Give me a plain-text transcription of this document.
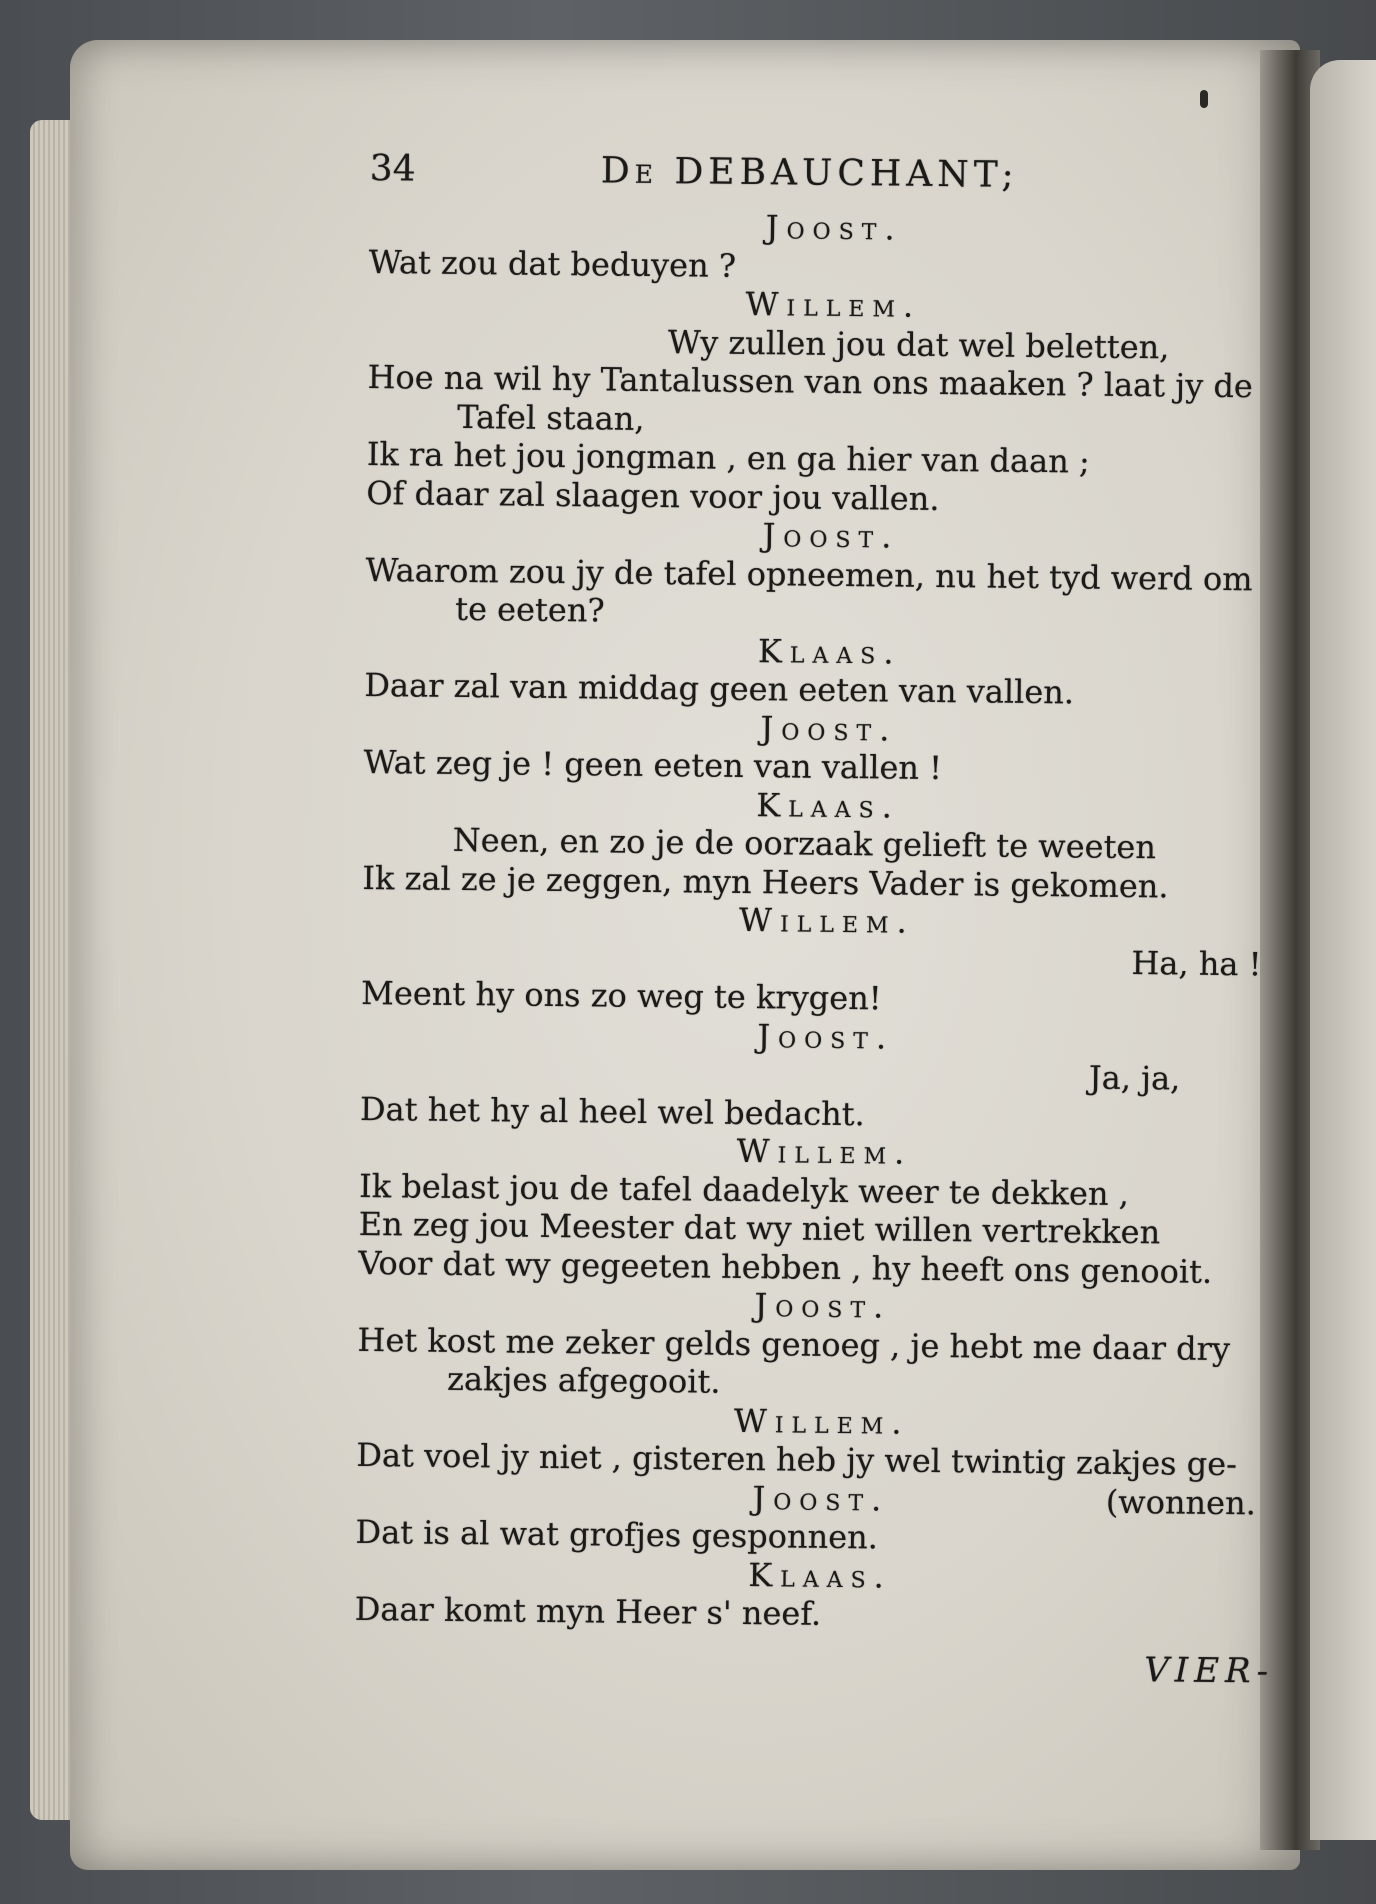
34	De DEBAUCHANT;
Joost.
Wat zou dat beduyen ?
Willem.
Wy zullen jou dat wel beletten,
Hoe na wil hy Tantalussen van ons maaken ? laat jy de
Tafel staan,
Ik ra het jou jongman , en ga hier van daan ;
Of daar zal slaagen voor jou vallen.
Joost.
Waarom zou jy de tafel opneemen, nu het tyd werd om
te eeten?
Klaas.
Daar zal van middag geen eeten van vallen.
Joost.
Wat zeg je ! geen eeten van vallen !
Klaas.
Neen, en zo je de oorzaak gelieft te weeten
Ik zal ze je zeggen, myn Heers Vader is gekomen.
Willem.
Ha, ha !
Meent hy ons zo weg te krygen!
Joost.
Ja, ja,
Dat het hy al heel wel bedacht.
Willem.
Ik belast jou de tafel daadelyk weer te dekken ,
En zeg jou Meester dat wy niet willen vertrekken
Voor dat wy gegeeten hebben , hy heeft ons genooit.
Joost.
Het kost me zeker gelds genoeg , je hebt me daar dry
zakjes afgegooit.
Willem.
Dat voel jy niet , gisteren heb jy wel twintig zakjes ge-
Joost.	(wonnen.
Dat is al wat grofjes gesponnen.
Klaas.
Daar komt myn Heer s' neef.
VIER-
